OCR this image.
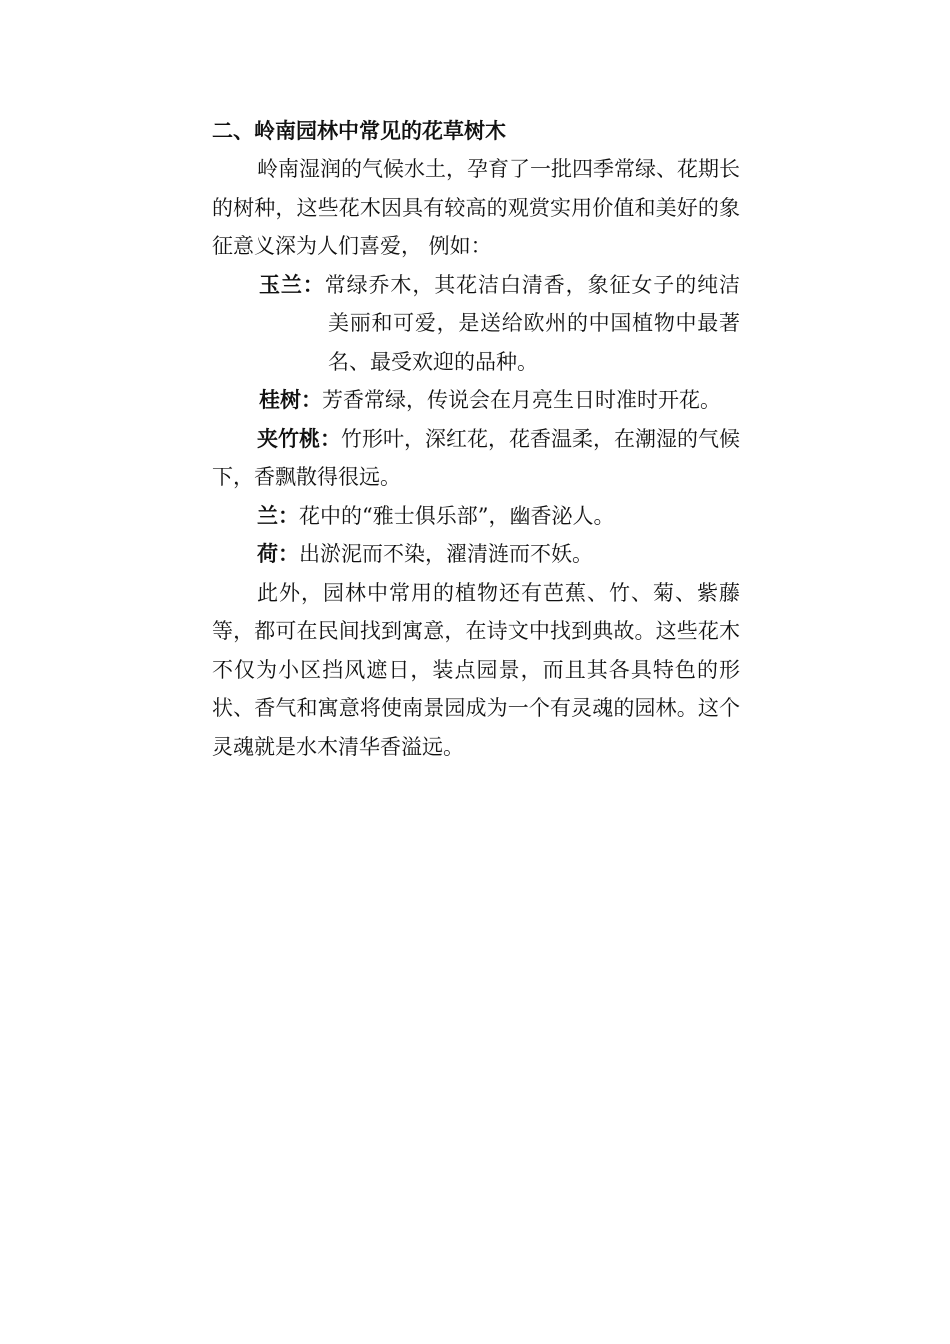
二、岭南园林中常见的花草树木

岭南湿润的气候水土，孕育了一批四季常绿、花期长的树种，这些花木因具有较高的观赏实用价值和美好的象征意义深为人们喜爱， 例如：

玉兰：常绿乔木，其花洁白清香，象征女子的纯洁美丽和可爱，是送给欧州的中国植物中最著名、最受欢迎的品种。

桂树：芳香常绿，传说会在月亮生日时准时开花。

夹竹桃：竹形叶，深红花，花香温柔，在潮湿的气候下，香飘散得很远。

兰：花中的“雅士俱乐部”，幽香泌人。

荷：出淤泥而不染，濯清涟而不妖。

此外，园林中常用的植物还有芭蕉、竹、菊、紫藤等，都可在民间找到寓意，在诗文中找到典故。这些花木不仅为小区挡风遮日，装点园景，而且其各具特色的形状、香气和寓意将使南景园成为一个有灵魂的园林。这个灵魂就是水木清华香溢远。
